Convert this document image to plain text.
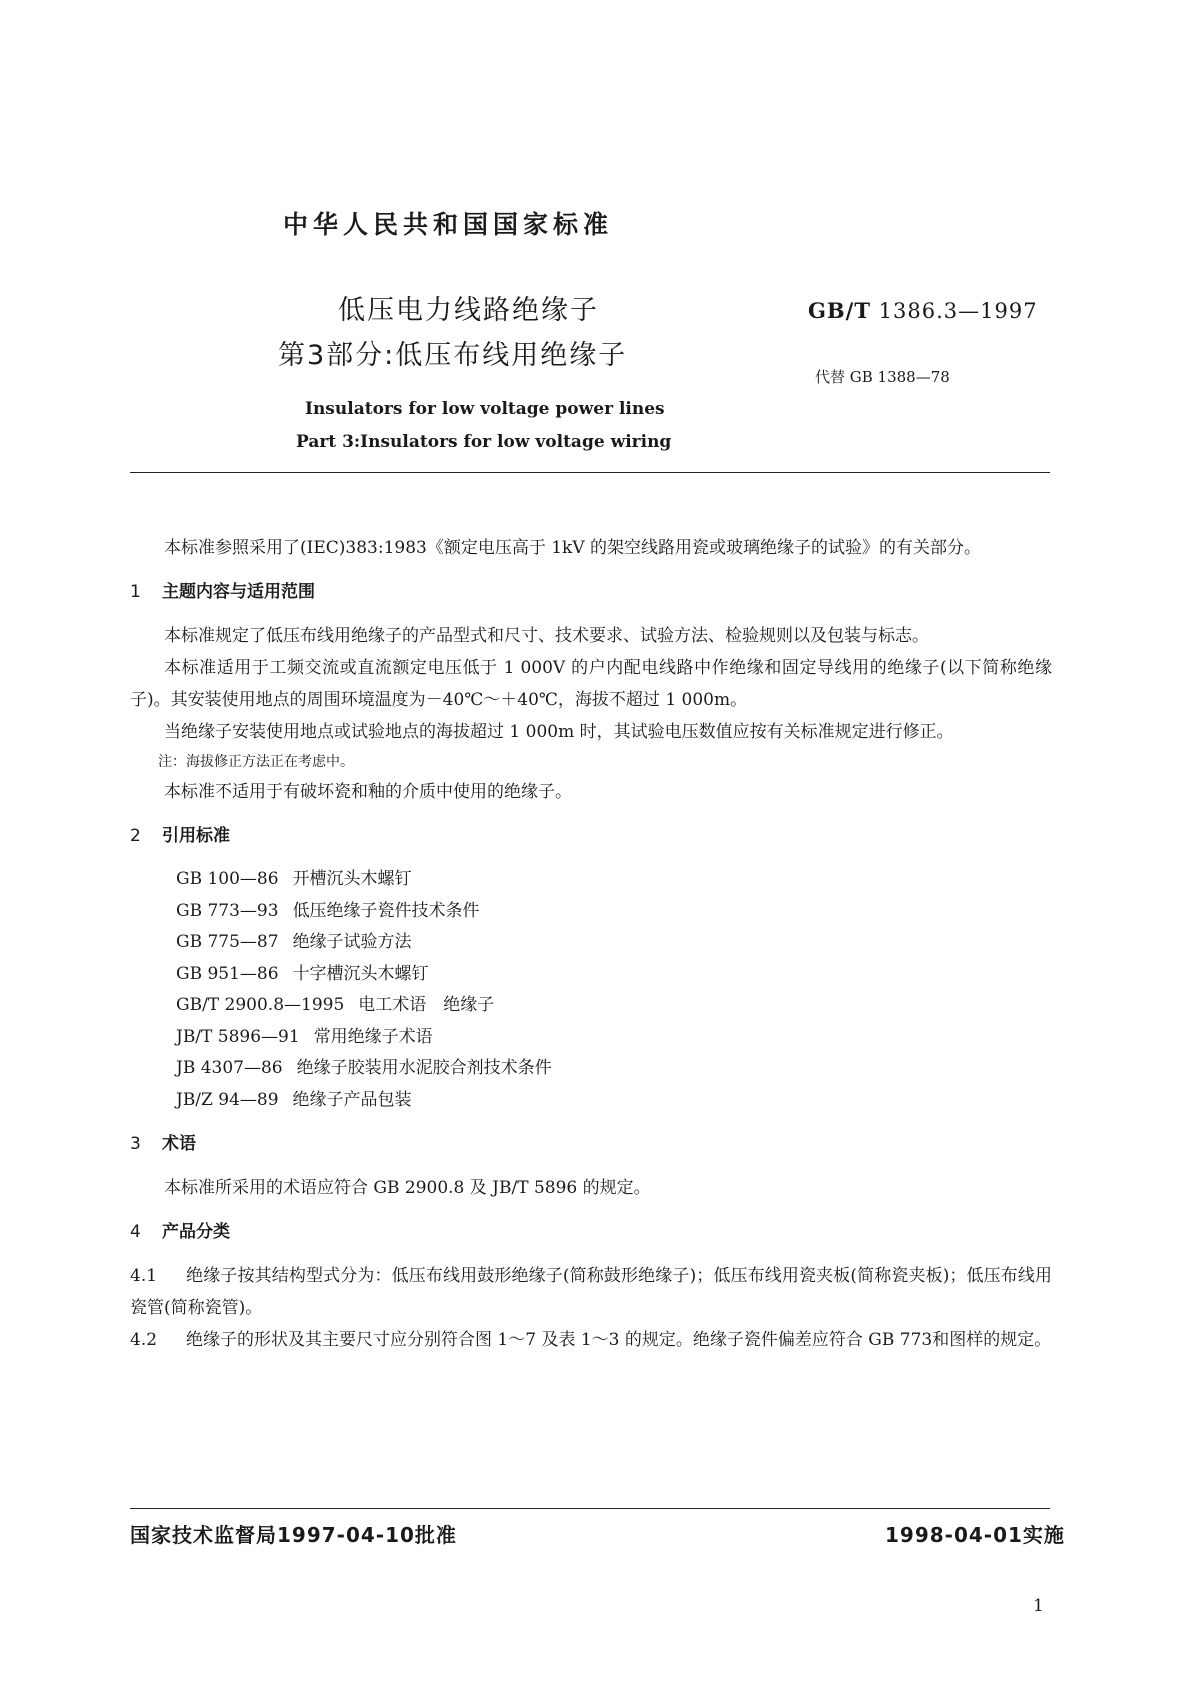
中华人民共和国国家标准
低压电力线路绝缘子
第3部分:低压布线用绝缘子
GB/T 1386.3—1997
代替 GB 1388—78
Insulators for low voltage power lines
Part 3:Insulators for low voltage wiring

本标准参照采用了(IEC)383:1983《额定电压高于 1kV 的架空线路用瓷或玻璃绝缘子的试验》的有关部分。

1 主题内容与适用范围

本标准规定了低压布线用绝缘子的产品型式和尺寸、技术要求、试验方法、检验规则以及包装与标志。

本标准适用于工频交流或直流额定电压低于 1 000V 的户内配电线路中作绝缘和固定导线用的绝缘子(以下简称绝缘子)。其安装使用地点的周围环境温度为－40℃～＋40℃，海拔不超过 1 000m。

当绝缘子安装使用地点或试验地点的海拔超过 1 000m 时，其试验电压数值应按有关标准规定进行修正。

注：海拔修正方法正在考虑中。

本标准不适用于有破坏瓷和釉的介质中使用的绝缘子。

2 引用标准
GB 100—86 开槽沉头木螺钉
GB 773—93 低压绝缘子瓷件技术条件
GB 775—87 绝缘子试验方法
GB 951—86 十字槽沉头木螺钉
GB/T 2900.8—1995 电工术语　绝缘子
JB/T 5896—91 常用绝缘子术语
JB 4307—86 绝缘子胶装用水泥胶合剂技术条件
JB/Z 94—89 绝缘子产品包装
3 术语

本标准所采用的术语应符合 GB 2900.8 及 JB/T 5896 的规定。

4 产品分类

4.1 绝缘子按其结构型式分为：低压布线用鼓形绝缘子(简称鼓形绝缘子)；低压布线用瓷夹板(简称瓷夹板)；低压布线用瓷管(简称瓷管)。

4.2 绝缘子的形状及其主要尺寸应分别符合图 1～7 及表 1～3 的规定。绝缘子瓷件偏差应符合 GB 773和图样的规定。

国家技术监督局1997-04-10批准	1998-04-01实施
1
